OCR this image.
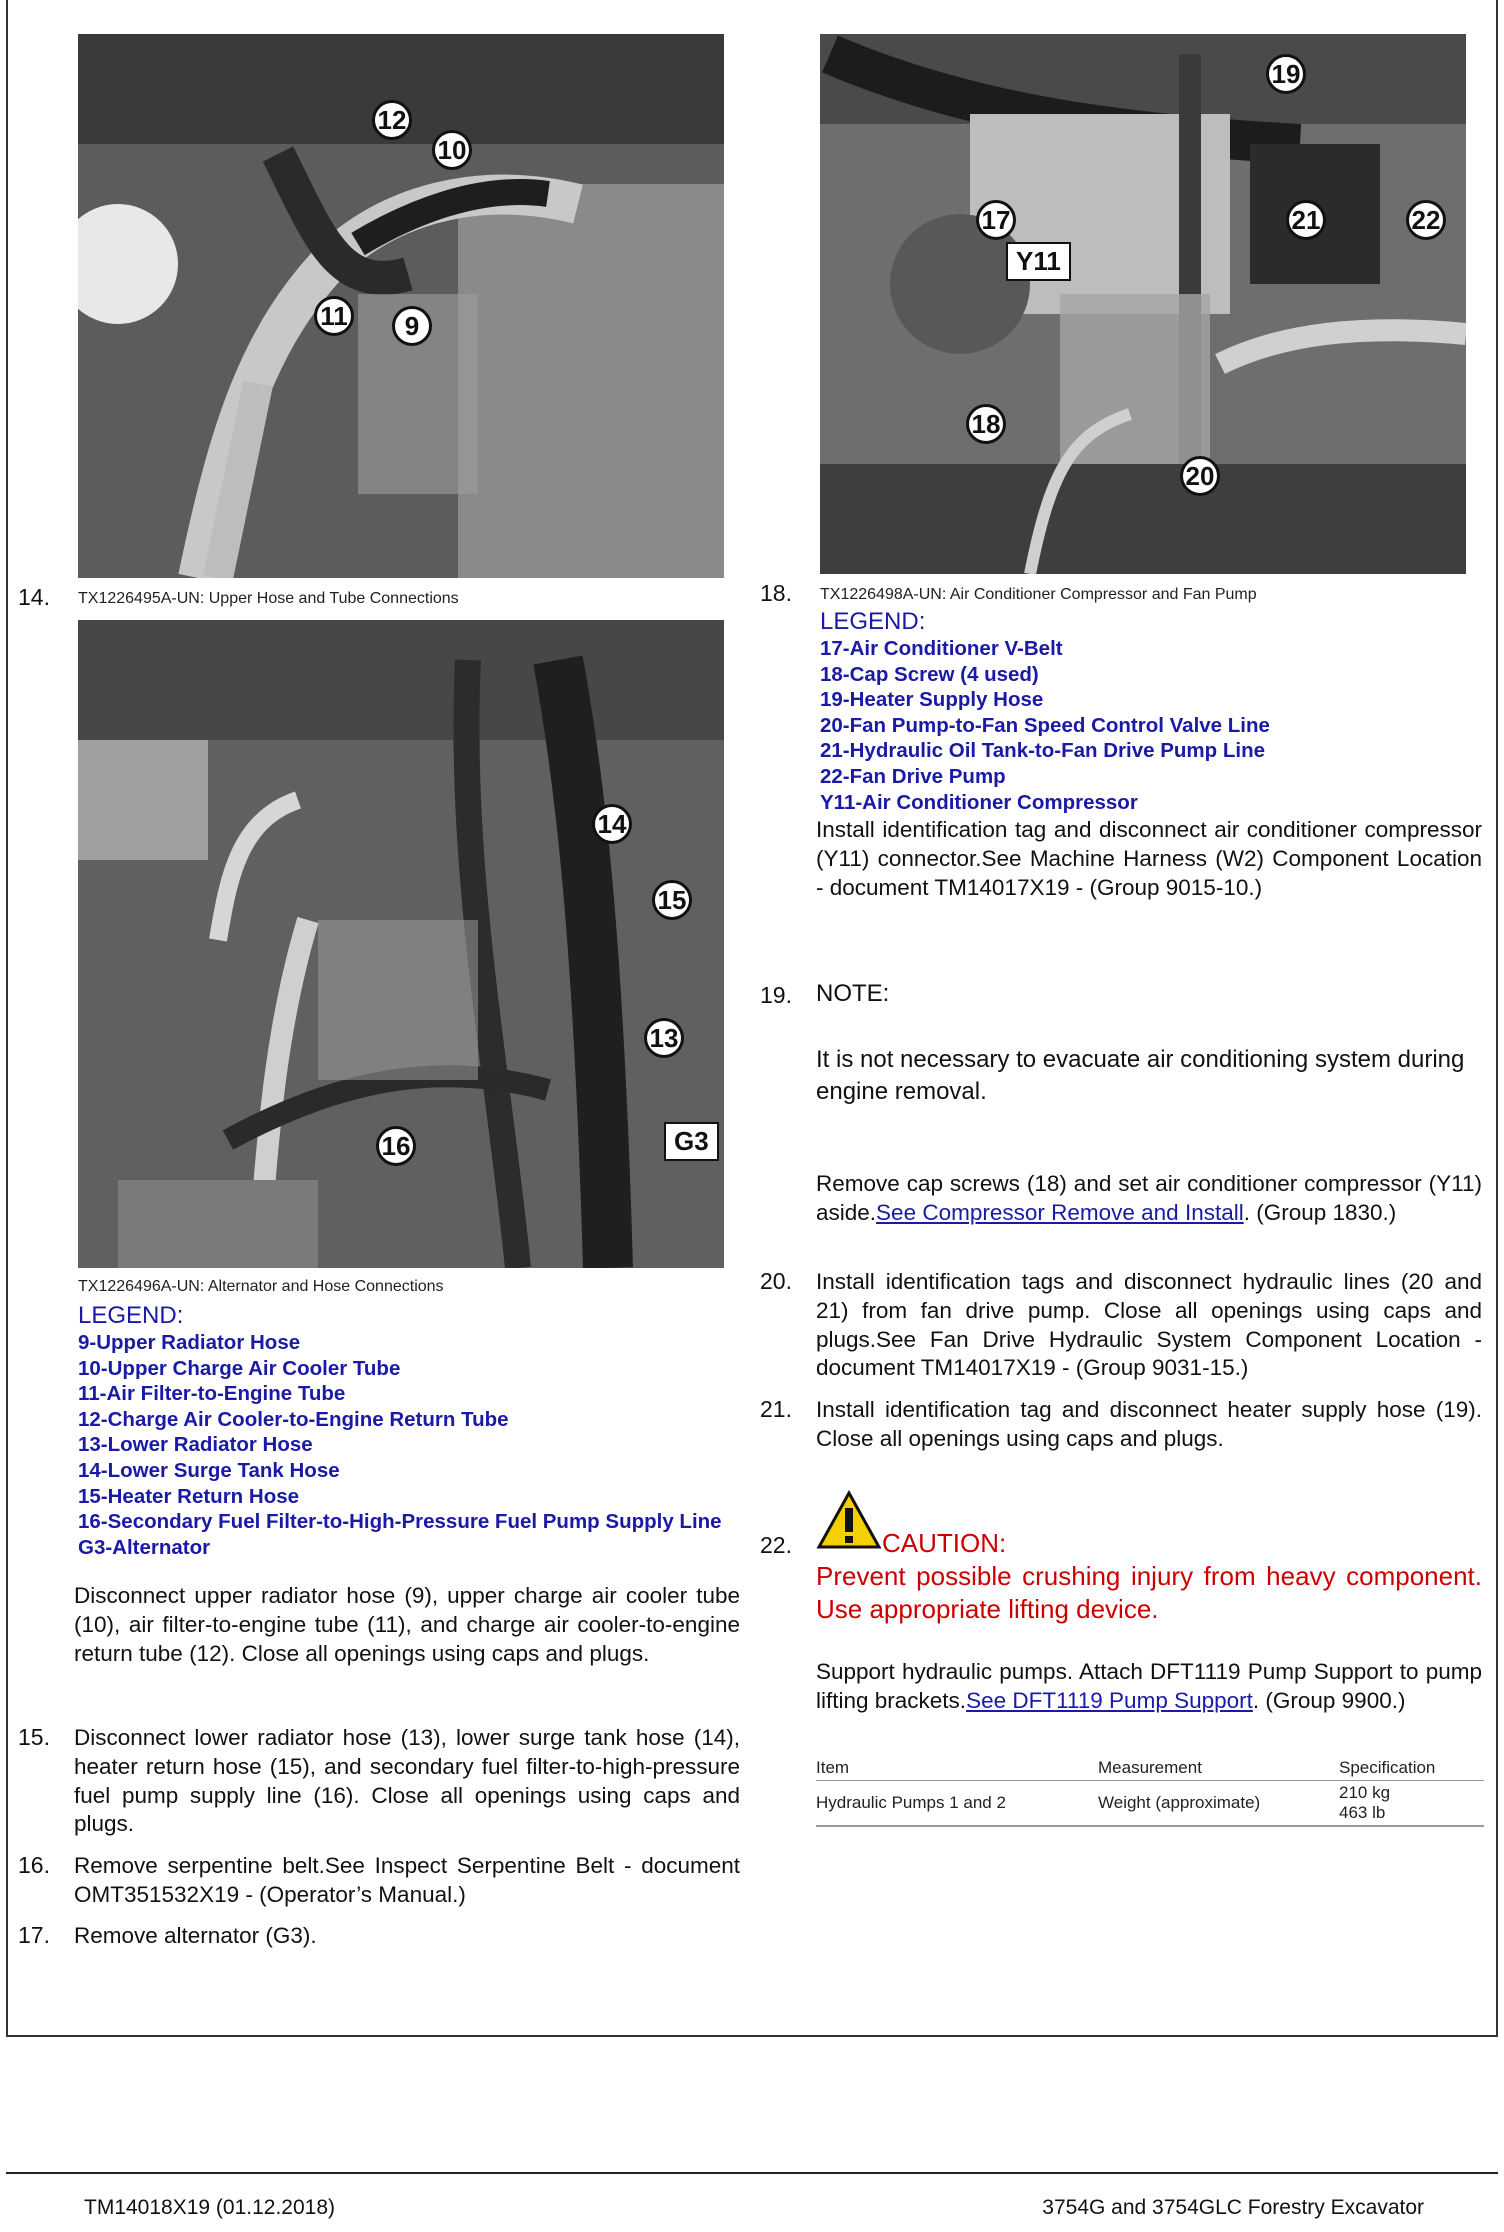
12
10
11	9
14. TX1226495A-UN: Upper Hose and Tube Connections
14
15
13
16	G3
TX1226496A-UN: Alternator and Hose Connections
LEGEND:
9-Upper Radiator Hose
10-Upper Charge Air Cooler Tube
11-Air Filter-to-Engine Tube
12-Charge Air Cooler-to-Engine Return Tube
13-Lower Radiator Hose
14-Lower Surge Tank Hose
15-Heater Return Hose
16-Secondary Fuel Filter-to-High-Pressure Fuel Pump Supply Line
G3-Alternator

Disconnect upper radiator hose (9), upper charge air cooler tube (10), air filter-to-engine tube (11), and charge air cooler-to-engine return tube (12). Close all openings using caps and plugs.

15. Disconnect lower radiator hose (13), lower surge tank hose (14), heater return hose (15), and secondary fuel filter-to-high-pressure fuel pump supply line (16). Close all openings using caps and plugs.

16. Remove serpentine belt.See Inspect Serpentine Belt - document OMT351532X19 - (Operator’s Manual.)

17. Remove alternator (G3).

19
17	21	22
18
20
Y11
18. TX1226498A-UN: Air Conditioner Compressor and Fan Pump
LEGEND:
17-Air Conditioner V-Belt
18-Cap Screw (4 used)
19-Heater Supply Hose
20-Fan Pump-to-Fan Speed Control Valve Line
21-Hydraulic Oil Tank-to-Fan Drive Pump Line
22-Fan Drive Pump
Y11-Air Conditioner Compressor

Install identification tag and disconnect air conditioner compressor (Y11) connector.See Machine Harness (W2) Component Location - document TM14017X19 - (Group 9015-10.)

19. NOTE:

It is not necessary to evacuate air conditioning system during engine removal.

Remove cap screws (18) and set air conditioner compressor (Y11) aside.See Compressor Remove and Install. (Group 1830.)

20. Install identification tags and disconnect hydraulic lines (20 and 21) from fan drive pump. Close all openings using caps and plugs.See Fan Drive Hydraulic System Component Location - document TM14017X19 - (Group 9031-15.)

21. Install identification tag and disconnect heater supply hose (19). Close all openings using caps and plugs.

22.	CAUTION:

Prevent possible crushing injury from heavy component. Use appropriate lifting device.

Support hydraulic pumps. Attach DFT1119 Pump Support to pump lifting brackets.See DFT1119 Pump Support. (Group 9900.)

Item	Measurement	Specification
Hydraulic Pumps 1 and 2	Weight (approximate)	210 kg
463 lb
TM14018X19 (01.12.2018)	3754G and 3754GLC Forestry Excavator
